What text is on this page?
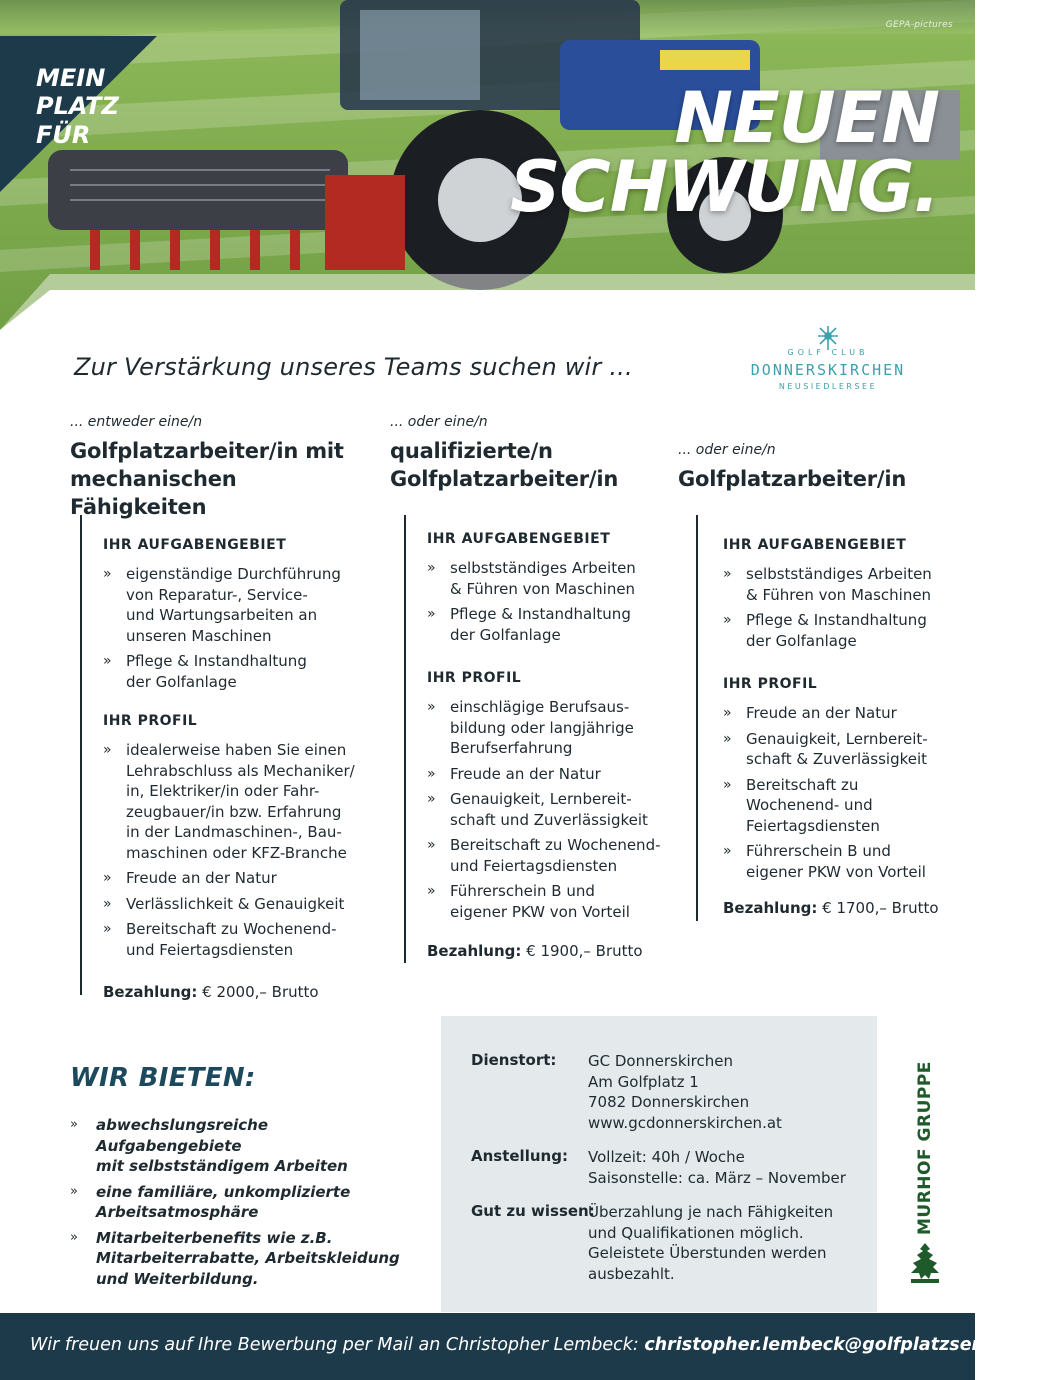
GEPA-pictures
MEIN
PLATZ
FÜR	NEUEN
SCHWUNG.
Zur Verstärkung unseres Teams suchen wir ...
GOLF CLUB
DONNERSKIRCHEN
NEUSIEDLERSEE
... entweder eine/n
Golfplatzarbeiter/in mit
mechanischen Fähigkeiten
IHR AUFGABENGEBIET
» eigenständige Durchführung
von Reparatur-, Service-
und Wartungsarbeiten an
unseren Maschinen
» Pflege & Instandhaltung
der Golfanlage
IHR PROFIL
» idealerweise haben Sie einen
Lehrabschluss als Mechaniker/
in, Elektriker/in oder Fahr-
zeugbauer/in bzw. Erfahrung
in der Landmaschinen-, Bau-
maschinen oder KFZ-Branche
» Freude an der Natur
» Verlässlichkeit & Genauigkeit
» Bereitschaft zu Wochenend-
und Feiertagsdiensten
Bezahlung: € 2000,– Brutto
... oder eine/n
qualifizierte/n
Golfplatzarbeiter/in
IHR AUFGABENGEBIET
» selbstständiges Arbeiten
& Führen von Maschinen
» Pflege & Instandhaltung
der Golfanlage
IHR PROFIL
» einschlägige Berufsaus-
bildung oder langjährige
Berufserfahrung
» Freude an der Natur
» Genauigkeit, Lernbereit-
schaft und Zuverlässigkeit
» Bereitschaft zu Wochenend-
und Feiertagsdiensten
» Führerschein B und
eigener PKW von Vorteil
Bezahlung: € 1900,– Brutto
... oder eine/n
Golfplatzarbeiter/in
IHR AUFGABENGEBIET
» selbstständiges Arbeiten
& Führen von Maschinen
» Pflege & Instandhaltung
der Golfanlage
IHR PROFIL
» Freude an der Natur
» Genauigkeit, Lernbereit-
schaft & Zuverlässigkeit
» Bereitschaft zu
Wochenend- und
Feiertagsdiensten
» Führerschein B und
eigener PKW von Vorteil
Bezahlung: € 1700,– Brutto
WIR BIETEN:
» abwechslungsreiche Aufgabengebiete
mit selbstständigem Arbeiten
» eine familiäre, unkomplizierte
Arbeitsatmosphäre
» Mitarbeiterbenefits wie z.B.
Mitarbeiterrabatte, Arbeitskleidung
und Weiterbildung.
Dienstort: GC Donnerskirchen
Am Golfplatz 1
7082 Donnerskirchen
www.gcdonnerskirchen.at
Anstellung: Vollzeit: 40h / Woche
Saisonstelle: ca. März – November
Gut zu wissen:
Überzahlung je nach Fähigkeiten
und Qualifikationen möglich.
Geleistete Überstunden werden
ausbezahlt.
MURHOF GRUPPE
Wir freuen uns auf Ihre Bewerbung per Mail an Christopher Lembeck: christopher.lembeck@golfplatzservice.at
